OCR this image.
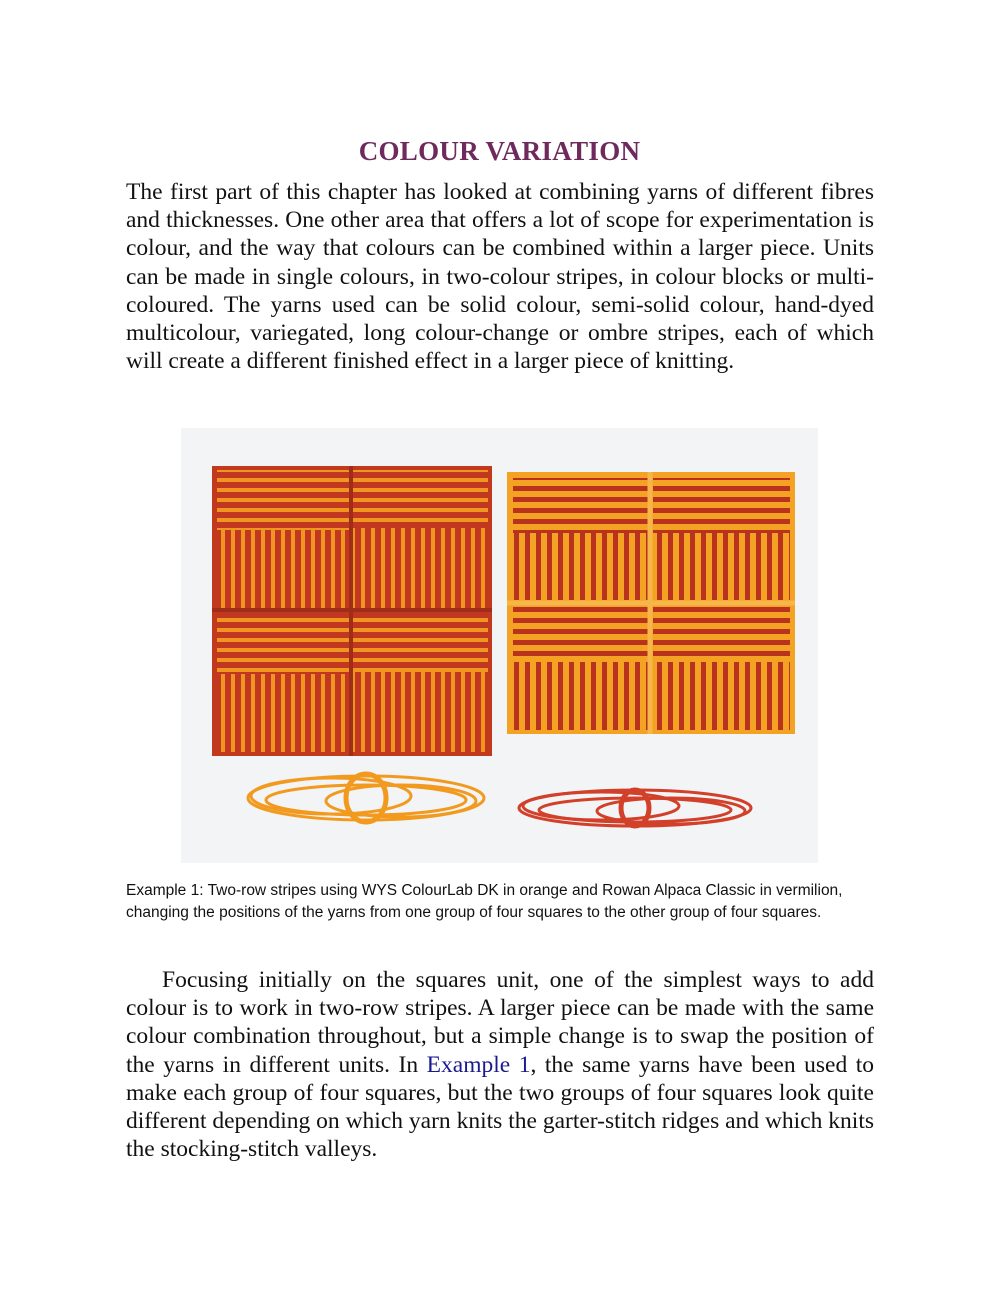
COLOUR VARIATION

The first part of this chapter has looked at combining yarns of different fibres and thicknesses. One other area that offers a lot of scope for experimentation is colour, and the way that colours can be combined within a larger piece. Units can be made in single colours, in two-colour stripes, in colour blocks or multi-coloured. The yarns used can be solid colour, semi-solid colour, hand-dyed multicolour, variegated, long colour-change or ombre stripes, each of which will create a different finished effect in a larger piece of knitting.

Example 1: Two-row stripes using WYS ColourLab DK in orange and Rowan Alpaca Classic in vermilion, changing the positions of the yarns from one group of four squares to the other group of four squares.

Focusing initially on the squares unit, one of the simplest ways to add colour is to work in two-row stripes. A larger piece can be made with the same colour combination throughout, but a simple change is to swap the position of the yarns in different units. In Example 1, the same yarns have been used to make each group of four squares, but the two groups of four squares look quite different depending on which yarn knits the garter-stitch ridges and which knits the stocking-stitch valleys.
